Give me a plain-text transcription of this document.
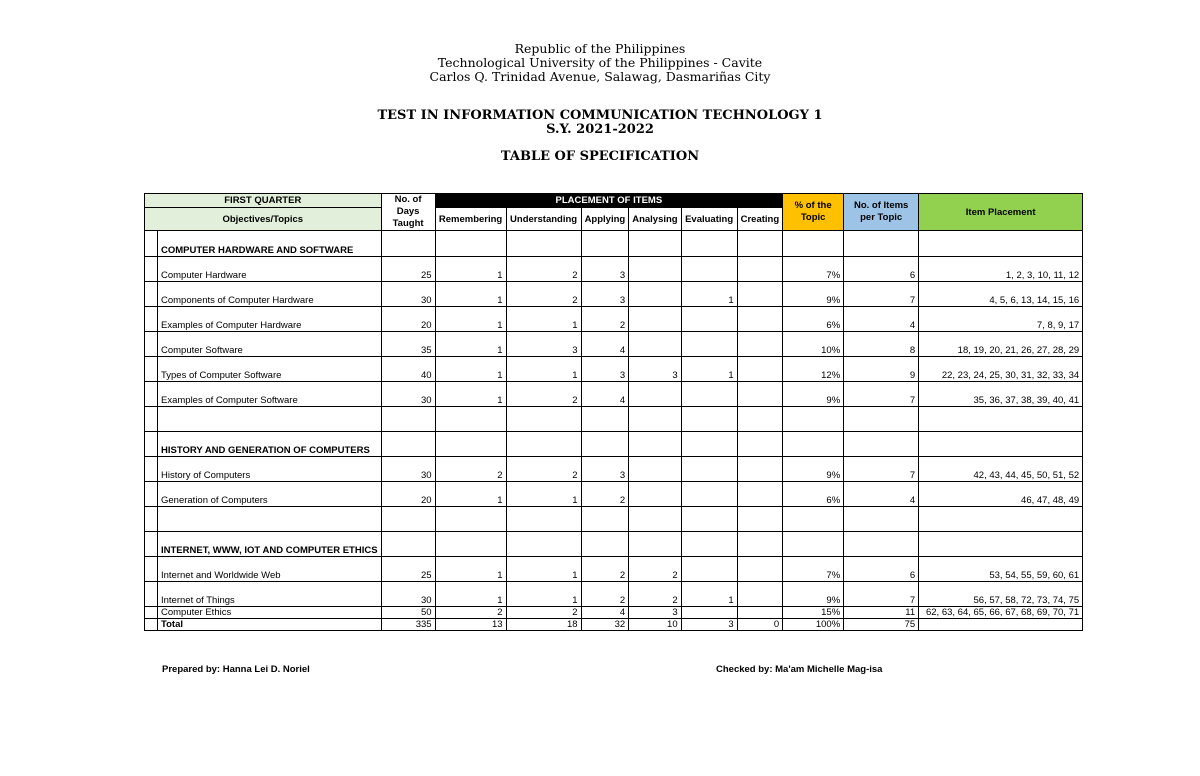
Republic of the Philippines
Technological University of the Philippines - Cavite
Carlos Q. Trinidad Avenue, Salawag, Dasmariñas City
TEST IN INFORMATION COMMUNICATION TECHNOLOGY 1
S.Y. 2021-2022
TABLE OF SPECIFICATION
FIRST QUARTER		No. of Days Taught	PLACEMENT OF ITEMS						% of the Topic	No. of Items per Topic	Item Placement
Objectives/Topics			Remembering	Understanding	Applying	Analysing	Evaluating	Creating			
	COMPUTER HARDWARE AND SOFTWARE										
	Computer Hardware	25	1	2	3				7%	6	1, 2, 3, 10, 11, 12
	Components of Computer Hardware	30	1	2	3		1		9%	7	4, 5, 6, 13, 14, 15, 16
	Examples of Computer Hardware	20	1	1	2				6%	4	7, 8, 9, 17
	Computer Software	35	1	3	4				10%	8	18, 19, 20, 21, 26, 27, 28, 29
	Types of Computer Software	40	1	1	3	3	1		12%	9	22, 23, 24, 25, 30, 31, 32, 33, 34
	Examples of Computer Software	30	1	2	4				9%	7	35, 36, 37, 38, 39, 40, 41

	HISTORY AND GENERATION OF COMPUTERS										
	History of Computers	30	2	2	3				9%	7	42, 43, 44, 45, 50, 51, 52
	Generation of Computers	20	1	1	2				6%	4	46, 47, 48, 49

	INTERNET, WWW, IOT AND COMPUTER ETHICS										
	Internet and Worldwide Web	25	1	1	2	2			7%	6	53, 54, 55, 59, 60, 61
	Internet of Things	30	1	1	2	2	1		9%	7	56, 57, 58, 72, 73, 74, 75
	Computer Ethics	50	2	2	4	3			15%	11	62, 63, 64, 65, 66, 67, 68, 69, 70, 71
	Total	335	13	18	32	10	3	0	100%	75	
Prepared by: Hanna Lei D. Noriel	Checked by: Ma'am Michelle Mag-isa
